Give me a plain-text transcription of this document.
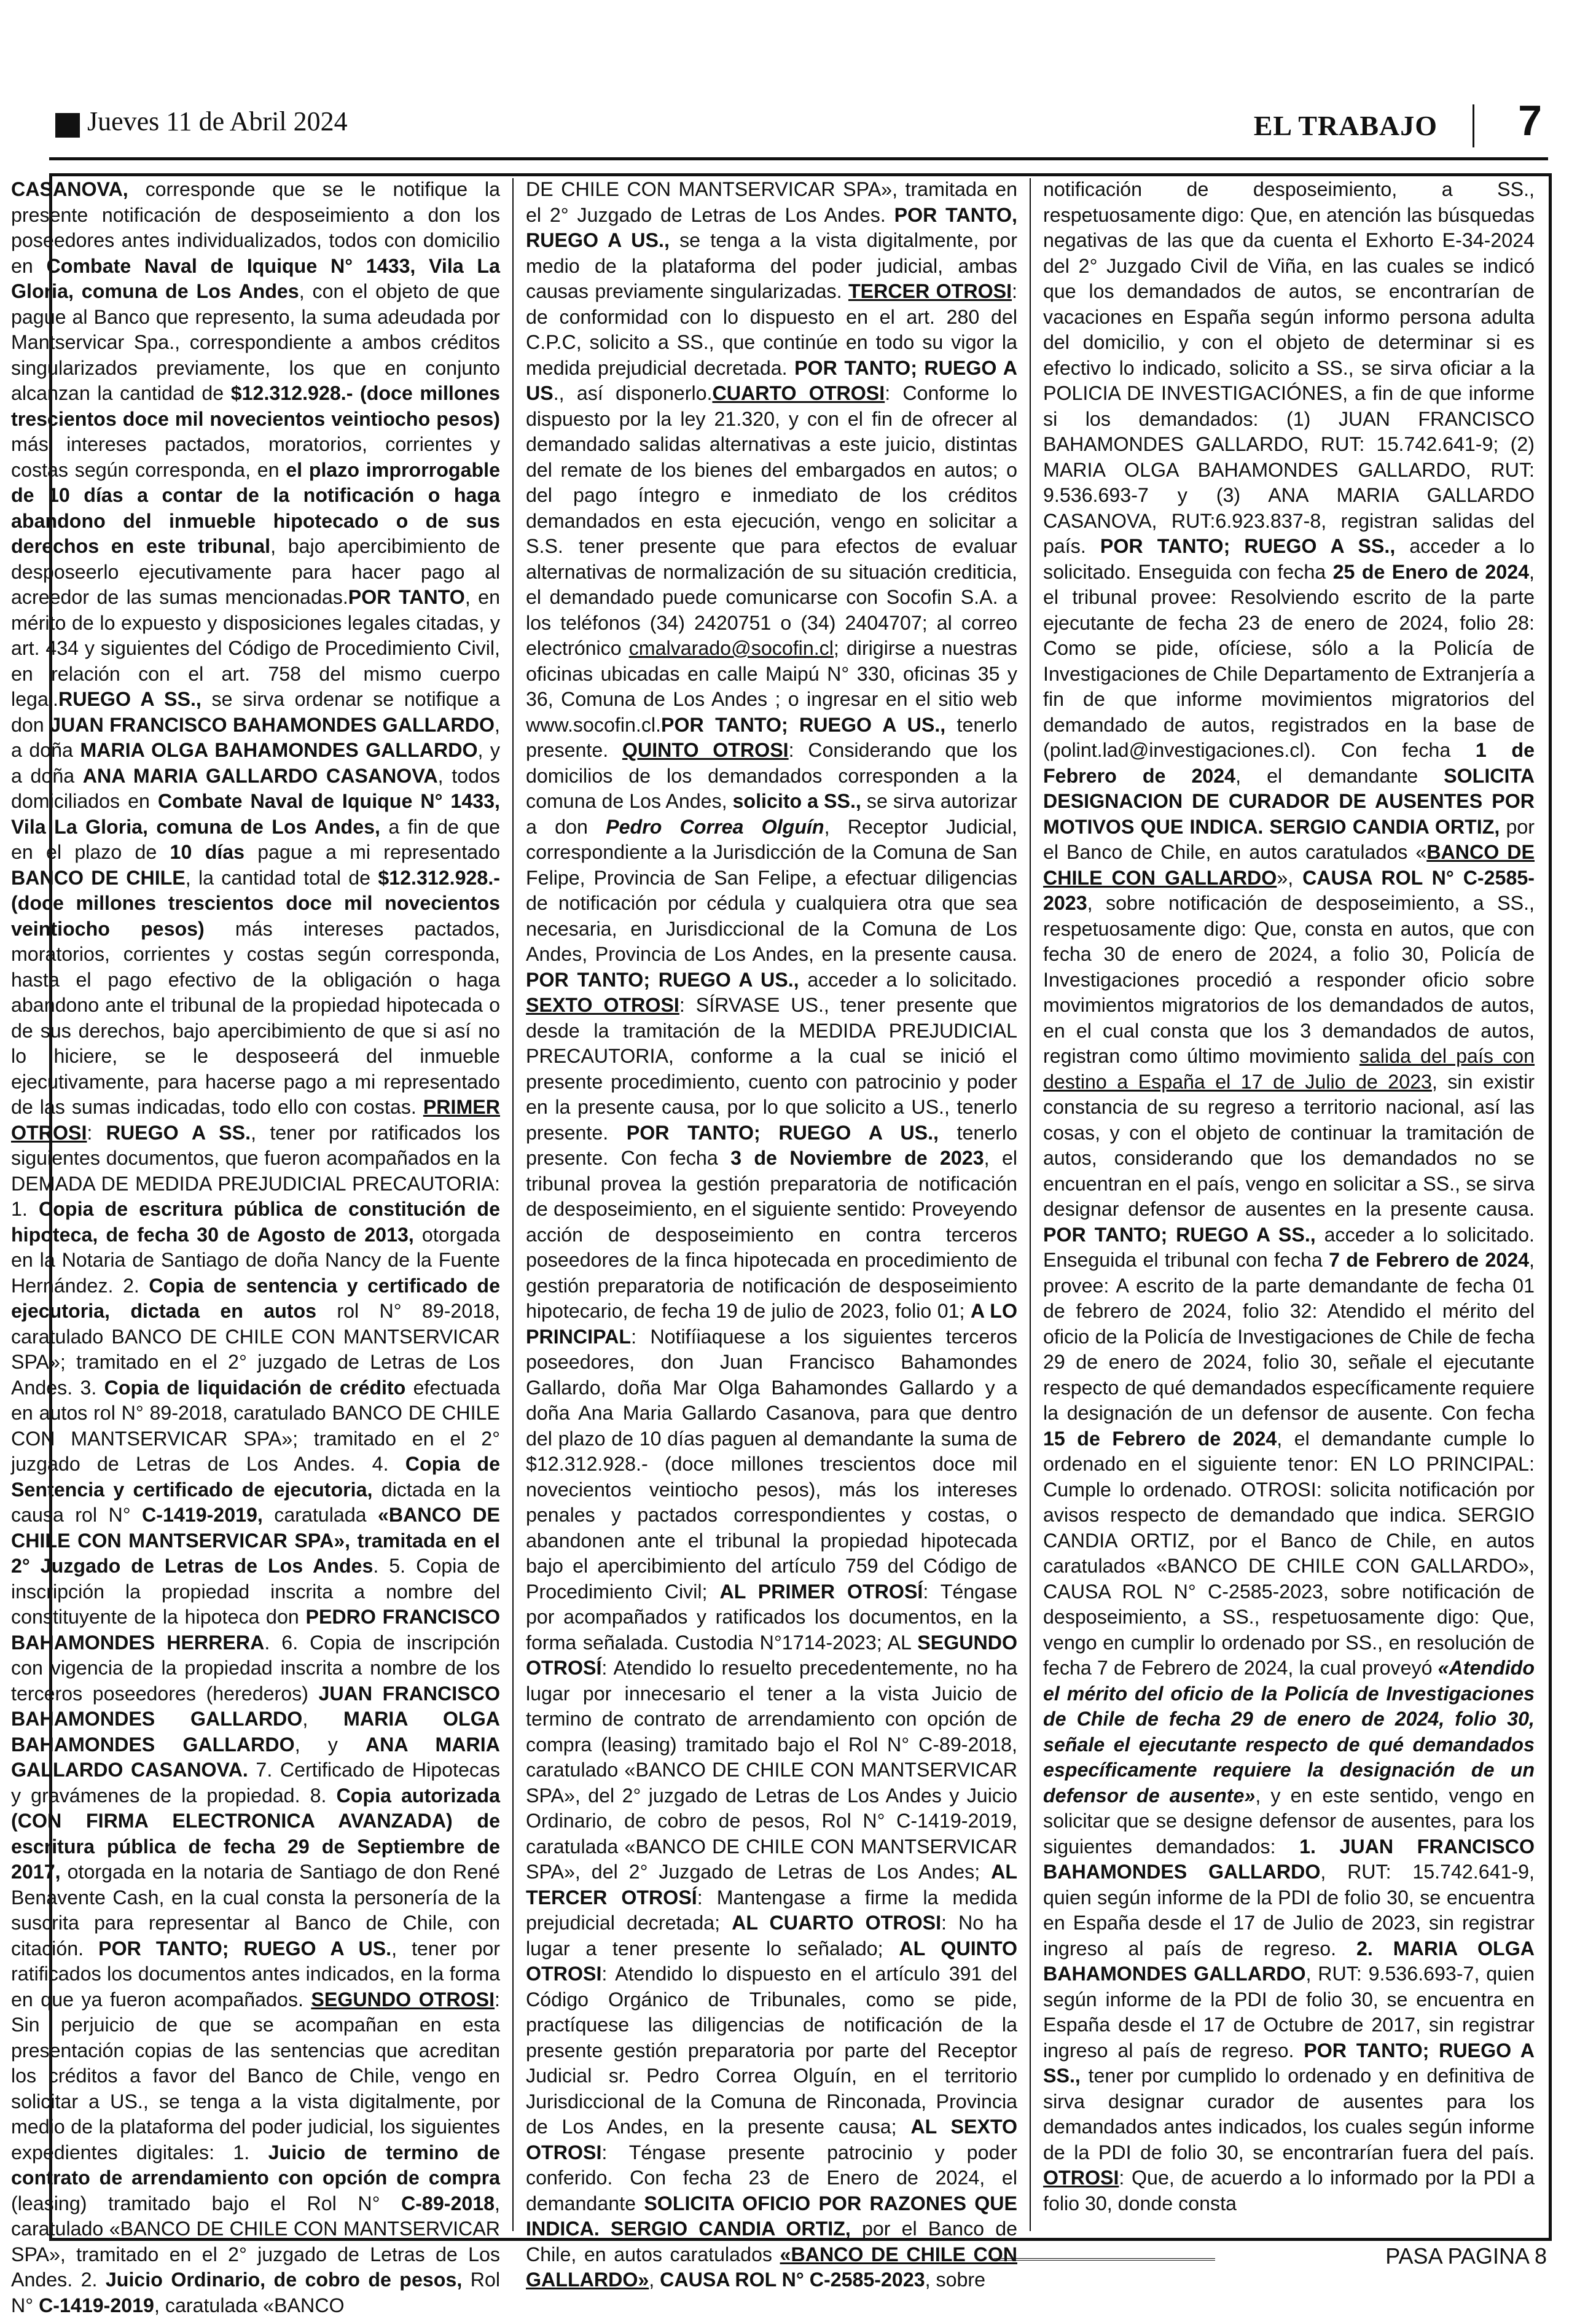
Jueves 11 de Abril 2024	EL TRABAJO 7

CASANOVA, corresponde que se le notifique la presente notificación de desposeimiento a don los poseedores antes individualizados, todos con domicilio en Combate Naval de Iquique N° 1433, Vila La Gloria, comuna de Los Andes, con el objeto de que pague al Banco que represento, la suma adeudada por Mantservicar Spa., correspondiente a ambos créditos singularizados previamente, los que en conjunto alcanzan la cantidad de $12.312.928.- (doce millones trescientos doce mil novecientos veintiocho pesos) más intereses pactados, moratorios, corrientes y costas según corresponda, en el plazo improrrogable de 10 días a contar de la notificación o haga abandono del inmueble hipotecado o de sus derechos en este tribunal, bajo apercibimiento de desposeerlo ejecutivamente para hacer pago al acreedor de las sumas mencionadas.POR TANTO, en mérito de lo expuesto y disposiciones legales citadas, y art. 434 y siguientes del Código de Procedimiento Civil, en relación con el art. 758 del mismo cuerpo legal.RUEGO A SS., se sirva ordenar se notifique a don JUAN FRANCISCO BAHAMONDES GALLARDO, a doña MARIA OLGA BAHAMONDES GALLARDO, y a doña ANA MARIA GALLARDO CASANOVA, todos domiciliados en Combate Naval de Iquique N° 1433, Vila La Gloria, comuna de Los Andes, a fin de que en el plazo de 10 días pague a mi representado BANCO DE CHILE, la cantidad total de $12.312.928.- (doce millones trescientos doce mil novecientos veintiocho pesos) más intereses pactados, moratorios, corrientes y costas según corresponda, hasta el pago efectivo de la obligación o haga abandono ante el tribunal de la propiedad hipotecada o de sus derechos, bajo apercibimiento de que si así no lo hiciere, se le desposeerá del inmueble ejecutivamente, para hacerse pago a mi representado de las sumas indicadas, todo ello con costas. PRIMER OTROSI: RUEGO A SS., tener por ratificados los siguientes documentos, que fueron acompañados en la DEMADA DE MEDIDA PREJUDICIAL PRECAUTORIA: 1. Copia de escritura pública de constitución de hipoteca, de fecha 30 de Agosto de 2013, otorgada en la Notaria de Santiago de doña Nancy de la Fuente Hernández. 2. Copia de sentencia y certificado de ejecutoria, dictada en autos rol N° 89-2018, caratulado BANCO DE CHILE CON MANTSERVICAR SPA»; tramitado en el 2° juzgado de Letras de Los Andes. 3. Copia de liquidación de crédito efectuada en autos rol N° 89-2018, caratulado BANCO DE CHILE CON MANTSERVICAR SPA»; tramitado en el 2° juzgado de Letras de Los Andes. 4. Copia de Sentencia y certificado de ejecutoria, dictada en la causa rol N° C-1419-2019, caratulada «BANCO DE CHILE CON MANTSERVICAR SPA», tramitada en el 2° Juzgado de Letras de Los Andes. 5. Copia de inscripción la propiedad inscrita a nombre del constituyente de la hipoteca don PEDRO FRANCISCO BAHAMONDES HERRERA. 6. Copia de inscripción con vigencia de la propiedad inscrita a nombre de los terceros poseedores (herederos) JUAN FRANCISCO BAHAMONDES GALLARDO, MARIA OLGA BAHAMONDES GALLARDO, y ANA MARIA GALLARDO CASANOVA. 7. Certificado de Hipotecas y gravámenes de la propiedad. 8. Copia autorizada (CON FIRMA ELECTRONICA AVANZADA) de escritura pública de fecha 29 de Septiembre de 2017, otorgada en la notaria de Santiago de don René Benavente Cash, en la cual consta la personería de la suscrita para representar al Banco de Chile, con citación. POR TANTO; RUEGO A US., tener por ratificados los documentos antes indicados, en la forma en que ya fueron acompañados. SEGUNDO OTROSI: Sin perjuicio de que se acompañan en esta presentación copias de las sentencias que acreditan los créditos a favor del Banco de Chile, vengo en solicitar a US., se tenga a la vista digitalmente, por medio de la plataforma del poder judicial, los siguientes expedientes digitales: 1. Juicio de termino de contrato de arrendamiento con opción de compra (leasing) tramitado bajo el Rol N° C-89-2018, caratulado «BANCO DE CHILE CON MANTSERVICAR SPA», tramitado en el 2° juzgado de Letras de Los Andes. 2. Juicio Ordinario, de cobro de pesos, Rol N° C-1419-2019, caratulada «BANCO

DE CHILE CON MANTSERVICAR SPA», tramitada en el 2° Juzgado de Letras de Los Andes. POR TANTO, RUEGO A US., se tenga a la vista digitalmente, por medio de la plataforma del poder judicial, ambas causas previamente singularizadas. TERCER OTROSI: de conformidad con lo dispuesto en el art. 280 del C.P.C, solicito a SS., que continúe en todo su vigor la medida prejudicial decretada. POR TANTO; RUEGO A US., así disponerlo.CUARTO OTROSI: Conforme lo dispuesto por la ley 21.320, y con el fin de ofrecer al demandado salidas alternativas a este juicio, distintas del remate de los bienes del embargados en autos; o del pago íntegro e inmediato de los créditos demandados en esta ejecución, vengo en solicitar a S.S. tener presente que para efectos de evaluar alternativas de normalización de su situación crediticia, el demandado puede comunicarse con Socofin S.A. a los teléfonos (34) 2420751 o (34) 2404707; al correo electrónico cmalvarado@socofin.cl; dirigirse a nuestras oficinas ubicadas en calle Maipú N° 330, oficinas 35 y 36, Comuna de Los Andes ; o ingresar en el sitio web www.socofin.cl.POR TANTO; RUEGO A US., tenerlo presente. QUINTO OTROSI: Considerando que los domicilios de los demandados corresponden a la comuna de Los Andes, solicito a SS., se sirva autorizar a don Pedro Correa Olguín, Receptor Judicial, correspondiente a la Jurisdicción de la Comuna de San Felipe, Provincia de San Felipe, a efectuar diligencias de notificación por cédula y cualquiera otra que sea necesaria, en Jurisdiccional de la Comuna de Los Andes, Provincia de Los Andes, en la presente causa. POR TANTO; RUEGO A US., acceder a lo solicitado. SEXTO OTROSI: SÍRVASE US., tener presente que desde la tramitación de la MEDIDA PREJUDICIAL PRECAUTORIA, conforme a la cual se inició el presente procedimiento, cuento con patrocinio y poder en la presente causa, por lo que solicito a US., tenerlo presente. POR TANTO; RUEGO A US., tenerlo presente. Con fecha 3 de Noviembre de 2023, el tribunal provea la gestión preparatoria de notificación de desposeimiento, en el siguiente sentido: Proveyendo acción de desposeimiento en contra terceros poseedores de la finca hipotecada en procedimiento de gestión preparatoria de notificación de desposeimiento hipotecario, de fecha 19 de julio de 2023, folio 01; A LO PRINCIPAL: Notifíiaquese a los siguientes terceros poseedores, don Juan Francisco Bahamondes Gallardo, doña Mar Olga Bahamondes Gallardo y a doña Ana Maria Gallardo Casanova, para que dentro del plazo de 10 días paguen al demandante la suma de $12.312.928.- (doce millones trescientos doce mil novecientos veintiocho pesos), más los intereses penales y pactados correspondientes y costas, o abandonen ante el tribunal la propiedad hipotecada bajo el apercibimiento del artículo 759 del Código de Procedimiento Civil; AL PRIMER OTROSÍ: Téngase por acompañados y ratificados los documentos, en la forma señalada. Custodia N°1714-2023; AL SEGUNDO OTROSÍ: Atendido lo resuelto precedentemente, no ha lugar por innecesario el tener a la vista Juicio de termino de contrato de arrendamiento con opción de compra (leasing) tramitado bajo el Rol N° C-89-2018, caratulado «BANCO DE CHILE CON MANTSERVICAR SPA», del 2° juzgado de Letras de Los Andes y Juicio Ordinario, de cobro de pesos, Rol N° C-1419-2019, caratulada «BANCO DE CHILE CON MANTSERVICAR SPA», del 2° Juzgado de Letras de Los Andes; AL TERCER OTROSÍ: Mantengase a firme la medida prejudicial decretada; AL CUARTO OTROSI: No ha lugar a tener presente lo señalado; AL QUINTO OTROSI: Atendido lo dispuesto en el artículo 391 del Código Orgánico de Tribunales, como se pide, practíquese las diligencias de notificación de la presente gestión preparatoria por parte del Receptor Judicial sr. Pedro Correa Olguín, en el territorio Jurisdiccional de la Comuna de Rinconada, Provincia de Los Andes, en la presente causa; AL SEXTO OTROSI: Téngase presente patrocinio y poder conferido. Con fecha 23 de Enero de 2024, el demandante SOLICITA OFICIO POR RAZONES QUE INDICA. SERGIO CANDIA ORTIZ, por el Banco de Chile, en autos caratulados «BANCO DE CHILE CON GALLARDO», CAUSA ROL N° C-2585-2023, sobre

notificación de desposeimiento, a SS., respetuosamente digo: Que, en atención las búsquedas negativas de las que da cuenta el Exhorto E-34-2024 del 2° Juzgado Civil de Viña, en las cuales se indicó que los demandados de autos, se encontrarían de vacaciones en España según informo persona adulta del domicilio, y con el objeto de determinar si es efectivo lo indicado, solicito a SS., se sirva oficiar a la POLICIA DE INVESTIGACIÓNES, a fin de que informe si los demandados: (1) JUAN FRANCISCO BAHAMONDES GALLARDO, RUT: 15.742.641-9; (2) MARIA OLGA BAHAMONDES GALLARDO, RUT: 9.536.693-7 y (3) ANA MARIA GALLARDO CASANOVA, RUT:6.923.837-8, registran salidas del país. POR TANTO; RUEGO A SS., acceder a lo solicitado. Enseguida con fecha 25 de Enero de 2024, el tribunal provee: Resolviendo escrito de la parte ejecutante de fecha 23 de enero de 2024, folio 28: Como se pide, ofíciese, sólo a la Policía de Investigaciones de Chile Departamento de Extranjería a fin de que informe movimientos migratorios del demandado de autos, registrados en la base de (polint.lad@investigaciones.cl). Con fecha 1 de Febrero de 2024, el demandante SOLICITA DESIGNACION DE CURADOR DE AUSENTES POR MOTIVOS QUE INDICA. SERGIO CANDIA ORTIZ, por el Banco de Chile, en autos caratulados «BANCO DE CHILE CON GALLARDO», CAUSA ROL N° C-2585-2023, sobre notificación de desposeimiento, a SS., respetuosamente digo: Que, consta en autos, que con fecha 30 de enero de 2024, a folio 30, Policía de Investigaciones procedió a responder oficio sobre movimientos migratorios de los demandados de autos, en el cual consta que los 3 demandados de autos, registran como último movimiento salida del país con destino a España el 17 de Julio de 2023, sin existir constancia de su regreso a territorio nacional, así las cosas, y con el objeto de continuar la tramitación de autos, considerando que los demandados no se encuentran en el país, vengo en solicitar a SS., se sirva designar defensor de ausentes en la presente causa. POR TANTO; RUEGO A SS., acceder a lo solicitado. Enseguida el tribunal con fecha 7 de Febrero de 2024, provee: A escrito de la parte demandante de fecha 01 de febrero de 2024, folio 32: Atendido el mérito del oficio de la Policía de Investigaciones de Chile de fecha 29 de enero de 2024, folio 30, señale el ejecutante respecto de qué demandados específicamente requiere la designación de un defensor de ausente. Con fecha 15 de Febrero de 2024, el demandante cumple lo ordenado en el siguiente tenor: EN LO PRINCIPAL: Cumple lo ordenado. OTROSI: solicita notificación por avisos respecto de demandado que indica. SERGIO CANDIA ORTIZ, por el Banco de Chile, en autos caratulados «BANCO DE CHILE CON GALLARDO», CAUSA ROL N° C-2585-2023, sobre notificación de desposeimiento, a SS., respetuosamente digo: Que, vengo en cumplir lo ordenado por SS., en resolución de fecha 7 de Febrero de 2024, la cual proveyó «Atendido el mérito del oficio de la Policía de Investigaciones de Chile de fecha 29 de enero de 2024, folio 30, señale el ejecutante respecto de qué demandados específicamente requiere la designación de un defensor de ausente», y en este sentido, vengo en solicitar que se designe defensor de ausentes, para los siguientes demandados: 1. JUAN FRANCISCO BAHAMONDES GALLARDO, RUT: 15.742.641-9, quien según informe de la PDI de folio 30, se encuentra en España desde el 17 de Julio de 2023, sin registrar ingreso al país de regreso. 2. MARIA OLGA BAHAMONDES GALLARDO, RUT: 9.536.693-7, quien según informe de la PDI de folio 30, se encuentra en España desde el 17 de Octubre de 2017, sin registrar ingreso al país de regreso. POR TANTO; RUEGO A SS., tener por cumplido lo ordenado y en definitiva de sirva designar curador de ausentes para los demandados antes indicados, los cuales según informe de la PDI de folio 30, se encontrarían fuera del país. OTROSI: Que, de acuerdo a lo informado por la PDI a folio 30, donde consta

PASA PAGINA 8
